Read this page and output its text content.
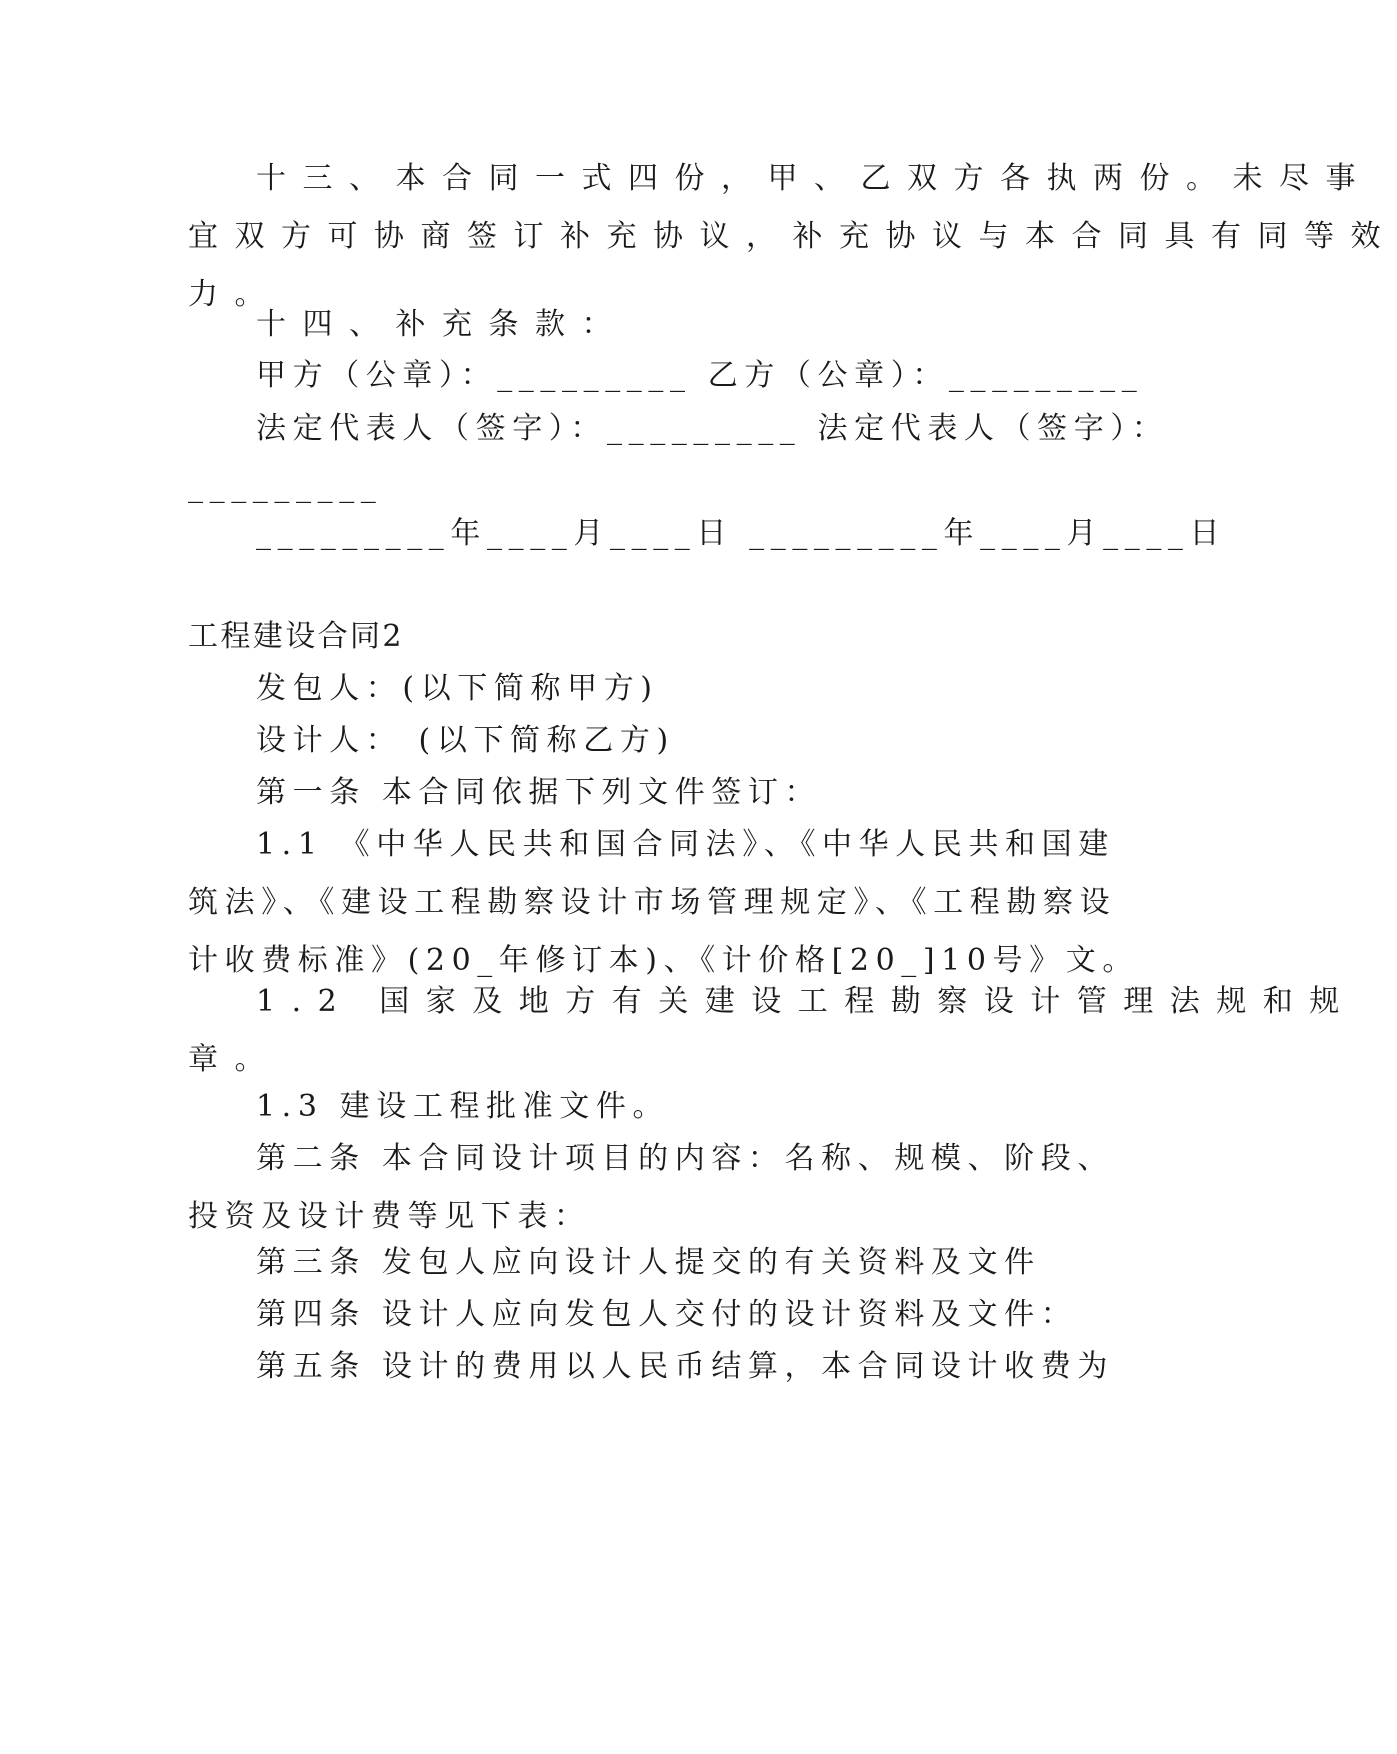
十三、本合同一式四份，甲、乙双方各执两份。未尽事
宜双方可协商签订补充协议，补充协议与本合同具有同等效
力。
十四、补充条款：
甲方（公章）：_________ 乙方（公章）：_________
法定代表人（签字）：_________ 法定代表人（签字）：
_________
_________年____月____日 _________年____月____日
工程建设合同2
发包人：(以下简称甲方)
设计人： (以下简称乙方)
第一条 本合同依据下列文件签订：
1.1 《中华人民共和国合同法》、《中华人民共和国建
筑法》、《建设工程勘察设计市场管理规定》、《工程勘察设
计收费标准》(20_年修订本)、《计价格[20_]10号》文。
1.2 国家及地方有关建设工程勘察设计管理法规和规
章。
1.3 建设工程批准文件。
第二条 本合同设计项目的内容：名称、规模、阶段、
投资及设计费等见下表：
第三条 发包人应向设计人提交的有关资料及文件
第四条 设计人应向发包人交付的设计资料及文件：
第五条 设计的费用以人民币结算，本合同设计收费为
